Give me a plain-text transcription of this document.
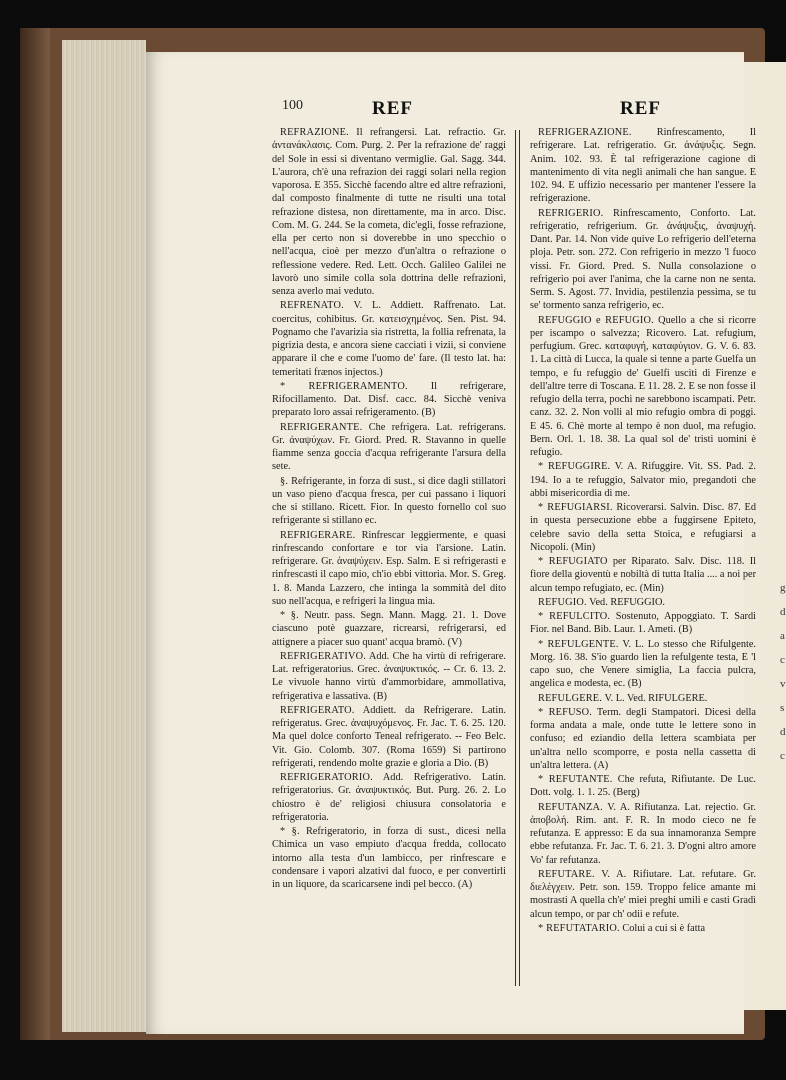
g
d
a
c
v
s
d
c
100	REF	REF

REFRAZIONE. Il refrangersi. Lat. refractio. Gr. ἀντανάκλασις. Com. Purg. 2. Per la refrazione de' raggi del Sole in essi si diventano vermiglie. Gal. Sagg. 344. L'aurora, ch'è una refrazion dei raggi solari nella region vaporosa. E 355. Sicchè facendo altre ed altre refrazioni, dal composto finalmente di tutte ne risulti una total refrazione distesa, non direttamente, ma in arco. Disc. Com. M. G. 244. Se la cometa, dic'egli, fosse refrazione, ella per certo non si doverebbe in uno specchio o nell'acqua, cioè per mezzo d'un'altra o refrazione o reflessione vedere. Red. Lett. Occh. Galileo Galilei ne lavorò uno simile colla sola dottrina delle refrazioni, senza averlo mai veduto.

REFRENATO. V. L. Addiett. Raffrenato. Lat. coercitus, cohibitus. Gr. κατεισχημένος. Sen. Pist. 94. Pognamo che l'avarizia sia ristretta, la follia refrenata, la pigrizia desta, e ancora siene cacciati i vizii, si conviene apparare il che e come l'uomo de' fare. (Il testo lat. ha: temeritati frænos injectos.)

* REFRIGERAMENTO. Il refrigerare, Rifocillamento. Dat. Disf. cacc. 84. Sicchè veniva preparato loro assai refrigeramento. (B)

REFRIGERANTE. Che refrigera. Lat. refrigerans. Gr. ἀναψύχων. Fr. Giord. Pred. R. Stavanno in quelle fiamme senza goccia d'acqua refrigerante l'arsura della sete.

§. Refrigerante, in forza di sust., si dice dagli stillatori un vaso pieno d'acqua fresca, per cui passano i liquori che si stillano. Ricett. Fior. In questo fornello col suo refrigerante si stillano ec.

REFRIGERARE. Rinfrescar leggiermente, e quasi rinfrescando confortare e tor via l'arsione. Latin. refrigerare. Gr. ἀναψύχειν. Esp. Salm. E sì refrigerasti e rinfrescasti il capo mio, ch'io ebbi vittoria. Mor. S. Greg. 1. 8. Manda Lazzero, che intinga la sommità del dito suo nell'acqua, e refrigeri la lingua mia.

* §. Neutr. pass. Segn. Mann. Magg. 21. 1. Dove ciascuno potè guazzare, ricrearsi, refrigerarsi, ed attignere a piacer suo quant' acqua bramò. (V)

REFRIGERATIVO. Add. Che ha virtù di refrigerare. Lat. refrigeratorius. Grec. ἀναψυκτικός. -- Cr. 6. 13. 2. Le vivuole hanno virtù d'ammorbidare, ammollativa, refrigerativa e lassativa. (B)

REFRIGERATO. Addiett. da Refrigerare. Latin. refrigeratus. Grec. ἀναψυχόμενος. Fr. Jac. T. 6. 25. 120. Ma quel dolce conforto Teneal refrigerato. -- Feo Belc. Vit. Gio. Colomb. 307. (Roma 1659) Si partirono refrigerati, rendendo molte grazie e gloria a Dio. (B)

REFRIGERATORIO. Add. Refrigerativo. Latin. refrigeratorius. Gr. ἀναψυκτικός. But. Purg. 26. 2. Lo chiostro è de' religiosi chiusura consolatoria e refrigeratoria.

* §. Refrigeratorio, in forza di sust., dicesi nella Chimica un vaso empiuto d'acqua fredda, collocato intorno alla testa d'un lambicco, per rinfrescare e condensare i vapori alzativi dal fuoco, e per convertirli in un liquore, da scaricarsene indi pel becco. (A)

REFRIGERAZIONE. Rinfrescamento, Il refrigerare. Lat. refrigeratio. Gr. ἀνάψυξις. Segn. Anim. 102. 93. È tal refrigerazione cagione di mantenimento di vita negli animali che han sangue. E 102. 94. E uffizio necessario per mantener l'essere la refrigerazione.

REFRIGERIO. Rinfrescamento, Conforto. Lat. refrigeratio, refrigerium. Gr. ἀνάψυξις, ἀναψυχή. Dant. Par. 14. Non vide quive Lo refrigerio dell'eterna ploja. Petr. son. 272. Con refrigerio in mezzo 'l fuoco vissi. Fr. Giord. Pred. S. Nulla consolazione o refrigerio poi aver l'anima, che la carne non ne senta. Serm. S. Agost. 77. Invidia, pestilenzia pessima, se tu se' tormento sanza refrigerio, ec.

REFUGGIO e REFUGIO. Quello a che si ricorre per iscampo o salvezza; Ricovero. Lat. refugium, perfugium. Grec. καταφυγή, καταφύγιον. G. V. 6. 83. 1. La città di Lucca, la quale si tenne a parte Guelfa un tempo, e fu refuggio de' Guelfi usciti di Firenze e dell'altre terre di Toscana. E 11. 28. 2. E se non fosse il refugio della terra, pochi ne sarebbono iscampati. Petr. canz. 32. 2. Non volli al mio refugio ombra di poggi. E 45. 6. Chè morte al tempo è non duol, ma refugio. Bern. Orl. 1. 18. 38. La qual sol de' tristi uomini è refugio.

* REFUGGIRE. V. A. Rifuggire. Vit. SS. Pad. 2. 194. Io a te refuggio, Salvator mio, pregandoti che abbi misericordia di me.

* REFUGIARSI. Ricoverarsi. Salvin. Disc. 87. Ed in questa persecuzione ebbe a fuggirsene Epiteto, celebre savio della setta Stoica, e refugiarsi a Nicopoli. (Min)

* REFUGIATO per Riparato. Salv. Disc. 118. Il fiore della gioventù e nobiltà di tutta Italia .... a noi per alcun tempo refugiato, ec. (Min)

REFUGIO. Ved. REFUGGIO.

* REFULCITO. Sostenuto, Appoggiato. T. Sardi Fior. nel Band. Bib. Laur. 1. Ameti. (B)

* REFULGENTE. V. L. Lo stesso che Rifulgente. Morg. 16. 38. S'io guardo lien la refulgente testa, E 'l capo suo, che Venere simiglia, La faccia pulcra, angelica e modesta, ec. (B)

REFULGERE. V. L. Ved. RIFULGERE.

* REFUSO. Term. degli Stampatori. Dicesi della forma andata a male, onde tutte le lettere sono in confuso; ed eziandio della lettera scambiata per un'altra nello scomporre, e posta nella cassetta di un'altra lettera. (A)

* REFUTANTE. Che refuta, Rifiutante. De Luc. Dott. volg. 1. 1. 25. (Berg)

REFUTANZA. V. A. Rifiutanza. Lat. rejectio. Gr. ἀποβολή. Rim. ant. F. R. In modo cieco ne fe refutanza. E appresso: E da sua innamoranza Sempre ebbe refutanza. Fr. Jac. T. 6. 21. 3. D'ogni altro amore Vo' far refutanza.

REFUTARE. V. A. Rifiutare. Lat. refutare. Gr. διελέγχειν. Petr. son. 159. Troppo felice amante mi mostrasti A quella ch'e' miei preghi umili e casti Gradì alcun tempo, or par ch' odii e refute.

* REFUTATARIO. Colui a cui si è fatta
